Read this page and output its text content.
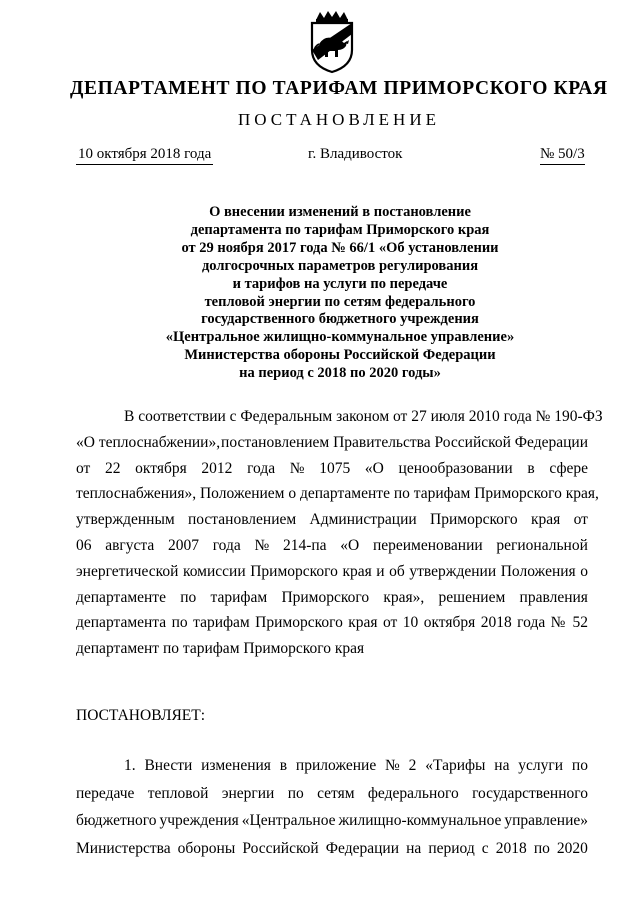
ДЕПАРТАМЕНТ ПО ТАРИФАМ ПРИМОРСКОГО КРАЯ
ПОСТАНОВЛЕНИЕ
10 октября 2018 года	г. Владивосток	№ 50/3
О внесении изменений в постановление
департамента по тарифам Приморского края
от 29 ноября 2017 года № 66/1 «Об установлении
долгосрочных параметров регулирования
и тарифов на услуги по передаче
тепловой энергии по сетям федерального
государственного бюджетного учреждения
«Центральное жилищно-коммунальное управление»
Министерства обороны Российской Федерации
на период с 2018 по 2020 годы»
В соответствии с Федеральным законом от 27 июля 2010 года № 190-ФЗ
«О теплоснабжении», постановлением Правительства Российской Федерации
от 22 октября 2012 года № 1075 «О ценообразовании в сфере
теплоснабжения», Положением о департаменте по тарифам Приморского края,
утвержденным постановлением Администрации Приморского края от
06 августа 2007 года № 214-па «О переименовании региональной
энергетической комиссии Приморского края и об утверждении Положения о
департаменте по тарифам Приморского края», решением правления
департамента по тарифам Приморского края от 10 октября 2018 года № 52
департамент по тарифам Приморского края
ПОСТАНОВЛЯЕТ:
1. Внести изменения в приложение № 2 «Тарифы на услуги по
передаче тепловой энергии по сетям федерального государственного
бюджетного учреждения «Центральное жилищно-коммунальное управление»
Министерства обороны Российской Федерации на период с 2018 по 2020
